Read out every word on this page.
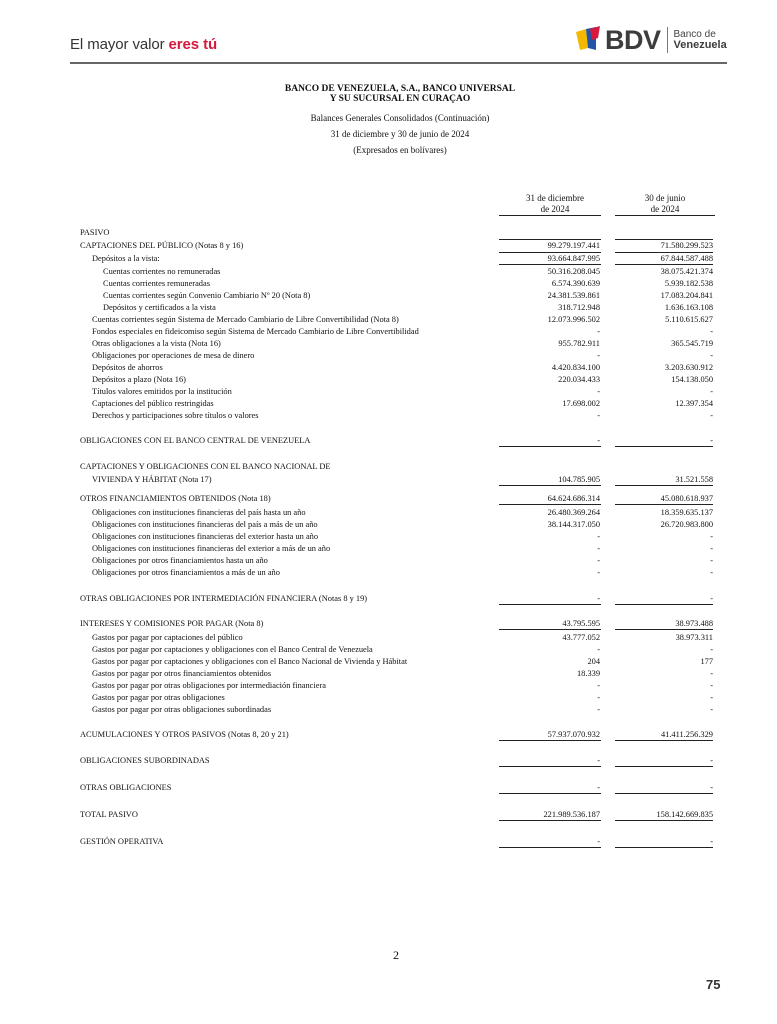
El mayor valor eres tú	BDV Banco de
Venezuela
BANCO DE VENEZUELA, S.A., BANCO UNIVERSAL
Y SU SUCURSAL EN CURAÇAO
Balances Generales Consolidados (Continuación)
31 de diciembre y 30 de junio de 2024
(Expresados en bolívares)
31 de diciembre
de 2024
30 de junio
de 2024
PASIVO
CAPTACIONES DEL PÚBLICO (Notas 8 y 16)	99.279.197.441	71.580.299.523
Depósitos a la vista:	93.664.847.995	67.844.587.488
Cuentas corrientes no remuneradas	50.316.208.045	38.075.421.374
Cuentas corrientes remuneradas	6.574.390.639	5.939.182.538
Cuentas corrientes según Convenio Cambiario Nº 20 (Nota 8)	24.381.539.861	17.083.204.841
Depósitos y certificados a la vista	318.712.948	1.636.163.108
Cuentas corrientes según Sistema de Mercado Cambiario de Libre Convertibilidad (Nota 8)	12.073.996.502	5.110.615.627
Fondos especiales en fideicomiso según Sistema de Mercado Cambiario de Libre Convertibilidad	-	-
Otras obligaciones a la vista (Nota 16)	955.782.911	365.545.719
Obligaciones por operaciones de mesa de dinero	-	-
Depósitos de ahorros	4.420.834.100	3.203.630.912
Depósitos a plazo (Nota 16)	220.034.433	154.138.050
Títulos valores emitidos por la institución	-	-
Captaciones del público restringidas	17.698.002	12.397.354
Derechos y participaciones sobre títulos o valores	-	-
OBLIGACIONES CON EL BANCO CENTRAL DE VENEZUELA	-	-
CAPTACIONES Y OBLIGACIONES CON EL BANCO NACIONAL DE
VIVIENDA Y HÁBITAT (Nota 17)	104.785.905	31.521.558
OTROS FINANCIAMIENTOS OBTENIDOS (Nota 18)	64.624.686.314	45.080.618.937
Obligaciones con instituciones financieras del país hasta un año	26.480.369.264	18.359.635.137
Obligaciones con instituciones financieras del país a más de un año	38.144.317.050	26.720.983.800
Obligaciones con instituciones financieras del exterior hasta un año	-	-
Obligaciones con instituciones financieras del exterior a más de un año	-	-
Obligaciones por otros financiamientos hasta un año	-	-
Obligaciones por otros financiamientos a más de un año	-	-
OTRAS OBLIGACIONES POR INTERMEDIACIÓN FINANCIERA (Notas 8 y 19)	-	-
INTERESES Y COMISIONES POR PAGAR (Nota 8)	43.795.595	38.973.488
Gastos por pagar por captaciones del público	43.777.052	38.973.311
Gastos por pagar por captaciones y obligaciones con el Banco Central de Venezuela	-	-
Gastos por pagar por captaciones y obligaciones con el Banco Nacional de Vivienda y Hábitat	204	177
Gastos por pagar por otros financiamientos obtenidos	18.339	-
Gastos por pagar por otras obligaciones por intermediación financiera	-	-
Gastos por pagar por otras obligaciones	-	-
Gastos por pagar por otras obligaciones subordinadas	-	-
ACUMULACIONES Y OTROS PASIVOS (Notas 8, 20 y 21)	57.937.070.932	41.411.256.329
OBLIGACIONES SUBORDINADAS	-	-
OTRAS OBLIGACIONES	-	-
TOTAL PASIVO	221.989.536.187	158.142.669.835
GESTIÓN OPERATIVA	-	-
2
75
